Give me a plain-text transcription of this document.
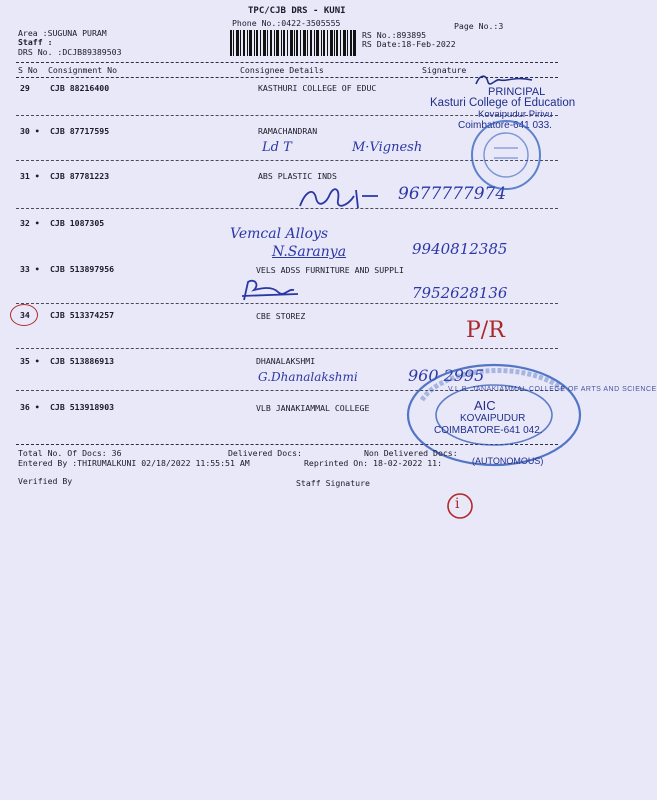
TPC/CJB DRS - KUNI
Phone No.:0422-3505555
Area :SUGUNA PURAM
Staff :
DRS No. :DCJB89389503
RS No.:893895
RS Date:18-Feb-2022
Page No.:3
S No Consignment No	Consignee Details	Signature
29 CJB 88216400	KASTHURI COLLEGE OF EDUC
30 • CJB 87717595	RAMACHANDRAN
Ld T	M·Vignesh
31 • CJB 87781223	ABS PLASTIC INDS
9677777974
32 • CJB 1087305
Vemcal Alloys
N.Saranya	9940812385
33 • CJB 513897956	VELS ADSS FURNITURE AND SUPPLI
7952628136
34 CJB 513374257	CBE STOREZ
P/R
35 • CJB 513886913	DHANALAKSHMI
G.Dhanalakshmi	960 2995
36 • CJB 513918903	VLB JANAKIAMMAL COLLEGE
PRINCIPAL
Kasturi College of Education
Kovaipudur Pirivu
Coimbatore-641 033.
V.L.B. JANAKIAMMAL COLLEGE OF ARTS AND SCIENCE
AIC
KOVAIPUDUR
COIMBATORE-641 042.
(AUTONOMOUS)
Total No. Of Docs: 36	Delivered Docs:	Non Delivered Docs:
Entered By :THIRUMALKUNI 02/18/2022 11:55:51 AM	Reprinted On: 18-02-2022 11:
Verified By	Staff Signature
i
